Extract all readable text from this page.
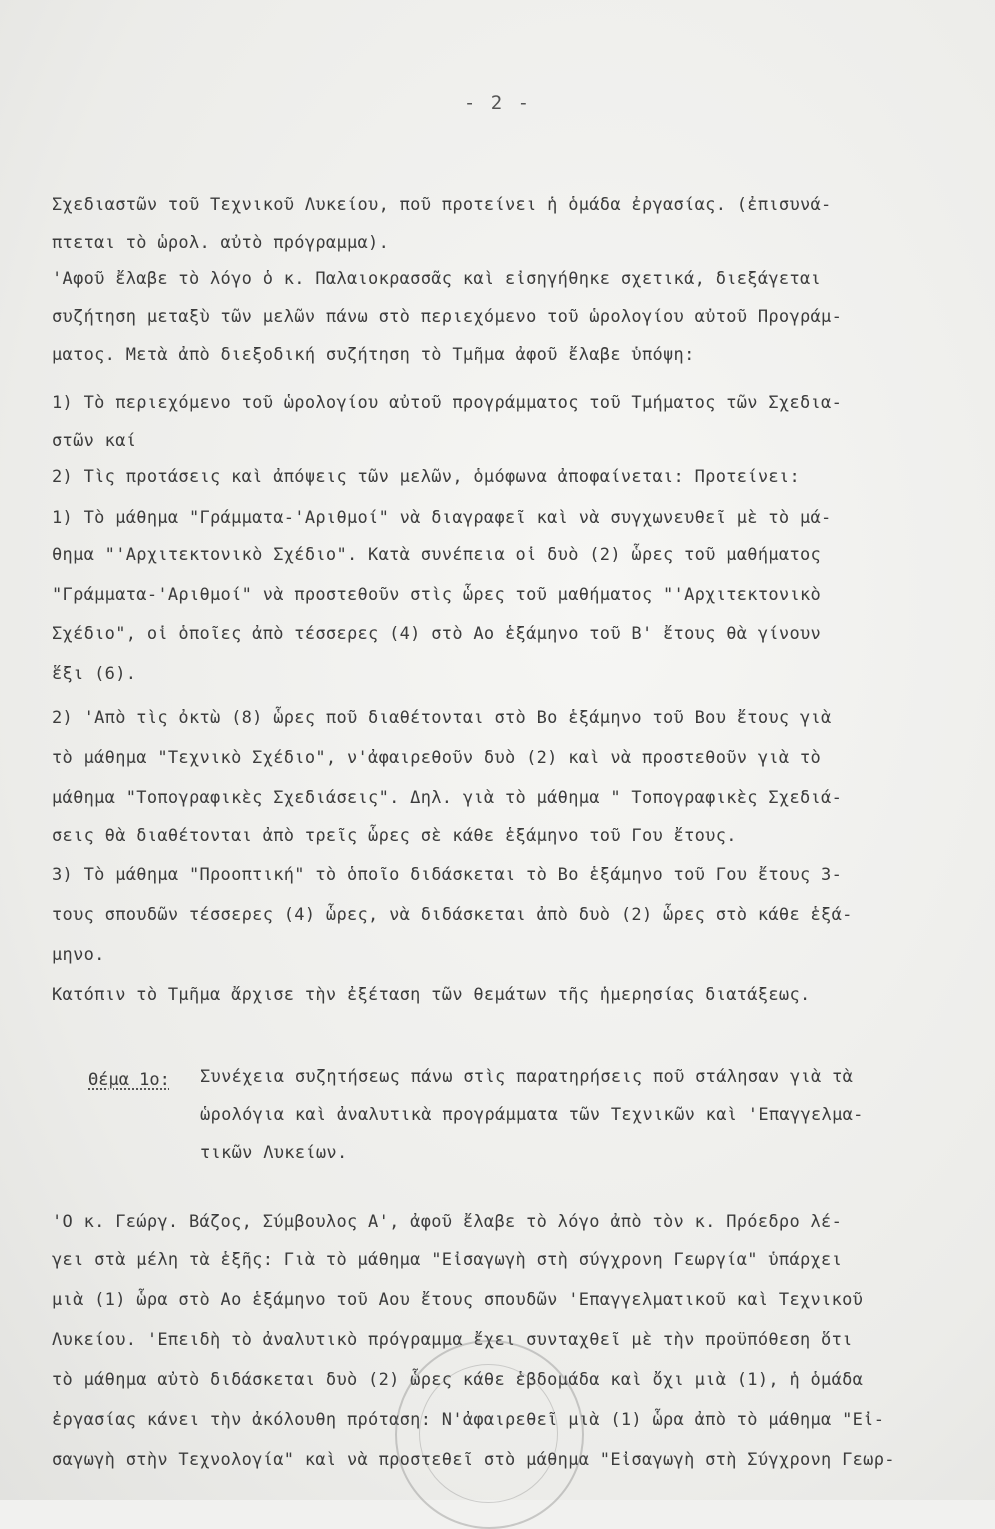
- 2 -
Σχεδιαστῶν τοῦ Τεχνικοῦ Λυκείου, ποῦ προτείνει ἡ ὁμάδα ἐργασίας. (ἐπισυνά-
πτεται τὸ ὡρολ. αὐτὸ πρόγραμμα).
'Αφοῦ ἔλαβε τὸ λόγο ὁ κ. Παλαιοκρασσᾶς καὶ εἰσηγήθηκε σχετικά, διεξάγεται
συζήτηση μεταξὺ τῶν μελῶν πάνω στὸ περιεχόμενο τοῦ ὡρολογίου αὐτοῦ Προγράμ-
ματος. Μετὰ ἀπὸ διεξοδική συζήτηση τὸ Τμῆμα ἀφοῦ ἔλαβε ὑπόψη:
1) Τὸ περιεχόμενο τοῦ ὡρολογίου αὐτοῦ προγράμματος τοῦ Τμήματος τῶν Σχεδια-
στῶν καί
2) Τὶς προτάσεις καὶ ἀπόψεις τῶν μελῶν, ὁμόφωνα ἀποφαίνεται: Προτείνει:
1) Τὸ μάθημα "Γράμματα-'Αριθμοί" νὰ διαγραφεῖ καὶ νὰ συγχωνευθεῖ μὲ τὸ μά-
θημα "'Αρχιτεκτονικὸ Σχέδιο". Κατὰ συνέπεια οἱ δυὸ (2) ὧρες τοῦ μαθήματος
"Γράμματα-'Αριθμοί" νὰ προστεθοῦν στὶς ὧρες τοῦ μαθήματος "'Αρχιτεκτονικὸ
Σχέδιο", οἱ ὁποῖες ἀπὸ τέσσερες (4) στὸ Αο ἑξάμηνο τοῦ Β' ἔτους θὰ γίνουν
ἕξι (6).
2) 'Απὸ τὶς ὀκτὼ (8) ὧρες ποῦ διαθέτονται στὸ Βο ἑξάμηνο τοῦ Βου ἔτους γιὰ
τὸ μάθημα "Τεχνικὸ Σχέδιο", ν'ἀφαιρεθοῦν δυὸ (2) καὶ νὰ προστεθοῦν γιὰ τὸ
μάθημα "Τοπογραφικὲς Σχεδιάσεις". Δηλ. γιὰ τὸ μάθημα " Τοπογραφικὲς Σχεδιά-
σεις θὰ διαθέτονται ἀπὸ τρεῖς ὧρες σὲ κάθε ἑξάμηνο τοῦ Γου ἔτους.
3) Τὸ μάθημα "Προοπτική" τὸ ὁποῖο διδάσκεται τὸ Βο ἑξάμηνο τοῦ Γου ἔτους 3-
τους σπουδῶν τέσσερες (4) ὧρες, νὰ διδάσκεται ἀπὸ δυὸ (2) ὧρες στὸ κάθε ἑξά-
μηνο.
Κατόπιν τὸ Τμῆμα ἄρχισε τὴν ἐξέταση τῶν θεμάτων τῆς ἡμερησίας διατάξεως.
Θέμα 1ο: Συνέχεια συζητήσεως πάνω στὶς παρατηρήσεις ποῦ στάλησαν γιὰ τὰ
ὡρολόγια καὶ ἀναλυτικὰ προγράμματα τῶν Τεχνικῶν καὶ 'Επαγγελμα-
τικῶν Λυκείων.
'Ο κ. Γεώργ. Βάζος, Σύμβουλος Α', ἀφοῦ ἔλαβε τὸ λόγο ἀπὸ τὸν κ. Πρόεδρο λέ-
γει στὰ μέλη τὰ ἑξῆς: Γιὰ τὸ μάθημα "Εἰσαγωγὴ στὴ σύγχρονη Γεωργία" ὑπάρχει
μιὰ (1) ὧρα στὸ Αο ἑξάμηνο τοῦ Αου ἔτους σπουδῶν 'Επαγγελματικοῦ καὶ Τεχνικοῦ
Λυκείου. 'Επειδὴ τὸ ἀναλυτικὸ πρόγραμμα ἔχει συνταχθεῖ μὲ τὴν προϋπόθεση ὅτι
τὸ μάθημα αὐτὸ διδάσκεται δυὸ (2) ὧρες κάθε ἑβδομάδα καὶ ὄχι μιὰ (1), ἡ ὁμάδα
ἐργασίας κάνει τὴν ἀκόλουθη πρόταση: Ν'ἀφαιρεθεῖ μιὰ (1) ὧρα ἀπὸ τὸ μάθημα "Εἰ-
σαγωγὴ στὴν Τεχνολογία" καὶ νὰ προστεθεῖ στὸ μάθημα "Εἰσαγωγὴ στὴ Σύγχρονη Γεωρ-
